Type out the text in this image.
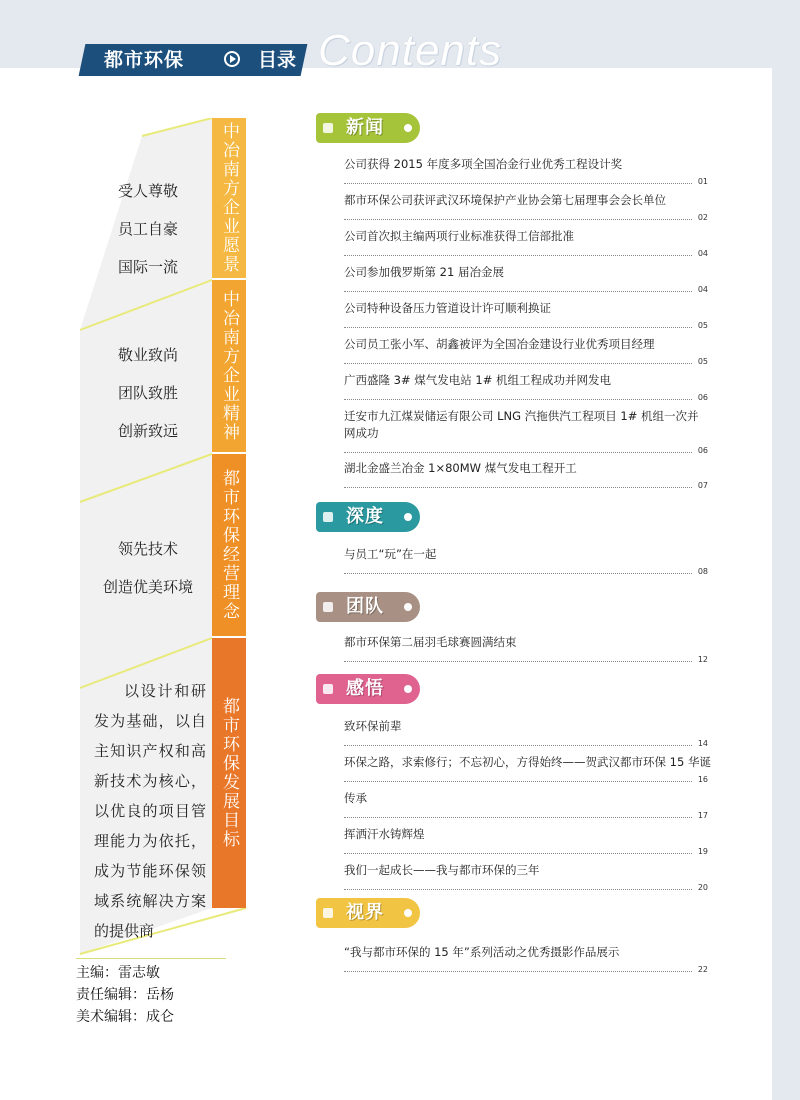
都市环保	目录 Contents
中冶南方企业愿景
中冶南方企业精神
都市环保经营理念
都市环保发展目标
受人尊敬
员工自豪
国际一流
敬业致尚
团队致胜
创新致远
领先技术
创造优美环境
以设计和研发为基础，以自主知识产权和高新技术为核心，以优良的项目管理能力为依托，成为节能环保领域系统解决方案的提供商
主编：雷志敏
责任编辑：岳杨
美术编辑：成仑
新闻
公司获得 2015 年度多项全国冶金行业优秀工程设计奖
01
都市环保公司获评武汉环境保护产业协会第七届理事会会长单位
02
公司首次拟主编两项行业标准获得工信部批准
04
公司参加俄罗斯第 21 届冶金展
04
公司特种设备压力管道设计许可顺利换证
05
公司员工张小军、胡鑫被评为全国冶金建设行业优秀项目经理
05
广西盛隆 3# 煤气发电站 1# 机组工程成功并网发电
06
迁安市九江煤炭储运有限公司 LNG 汽拖供汽工程项目 1# 机组一次并网成功
06
湖北金盛兰冶金 1×80MW 煤气发电工程开工
07
深度
与员工“玩”在一起
08
团队
都市环保第二届羽毛球赛圆满结束
12
感悟
致环保前辈
14
环保之路，求索修行；不忘初心，方得始终——贺武汉都市环保 15 华诞
16
传承
17
挥洒汗水铸辉煌
19
我们一起成长——我与都市环保的三年
20
视界
“我与都市环保的 15 年”系列活动之优秀摄影作品展示
22
